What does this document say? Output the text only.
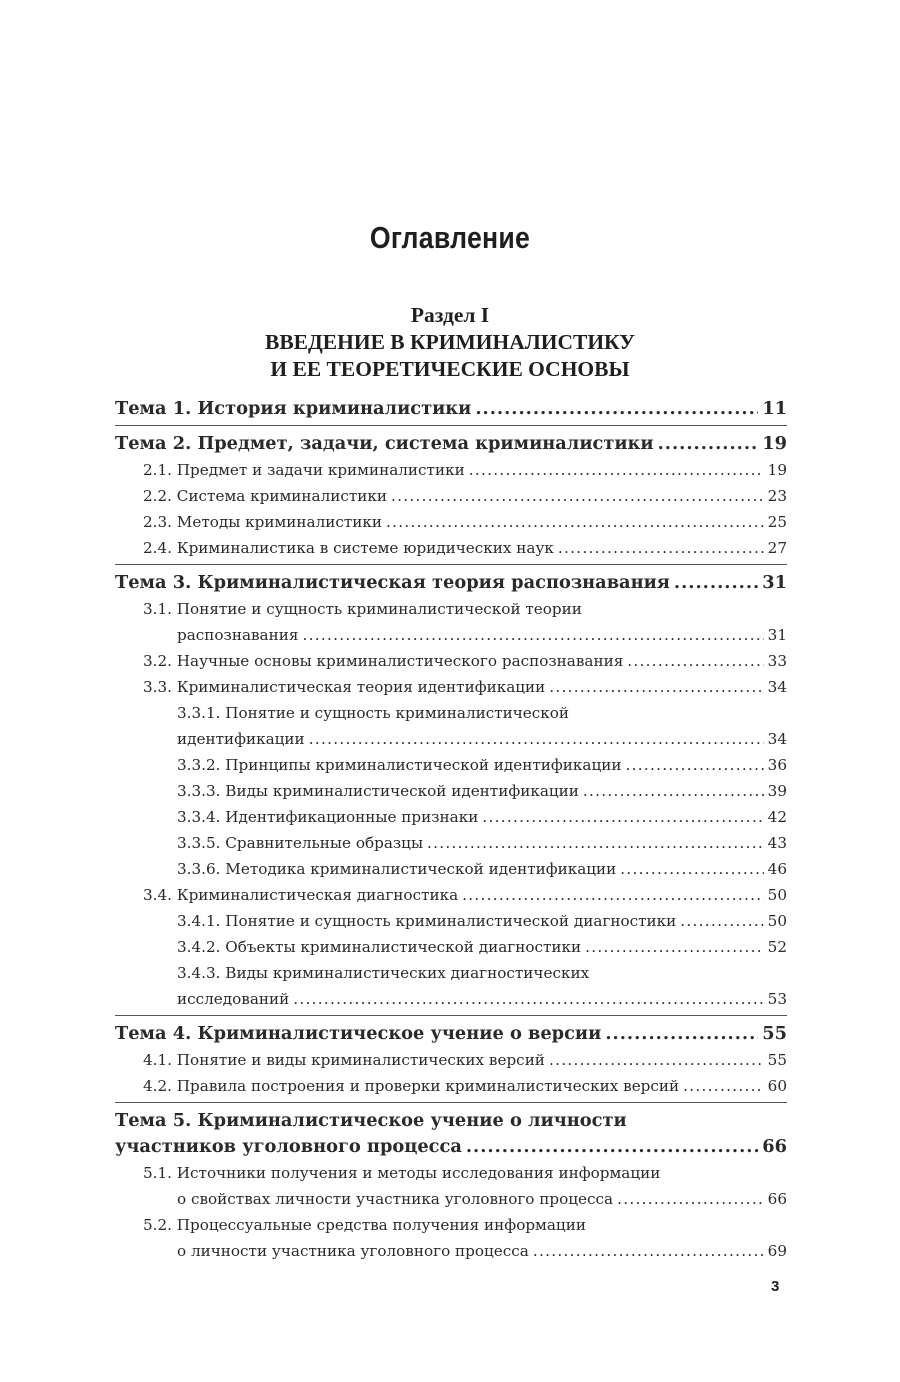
Оглавление
Раздел I
ВВЕДЕНИЕ В КРИМИНАЛИСТИКУ
И ЕЕ ТЕОРЕТИЧЕСКИЕ ОСНОВЫ
Тема 1. История криминалистики .....	11
Тема 2. Предмет, задачи, система криминалистики .....	19
2.1. Предмет и задачи криминалистики .....	19
2.2. Система криминалистики .....	23
2.3. Методы криминалистики .....	25
2.4. Криминалистика в системе юридических наук .....	27
Тема 3. Криминалистическая теория распознавания .....	31
3.1. Понятие и сущность криминалистической теории
распознавания .....	31
3.2. Научные основы криминалистического распознавания .....	33
3.3. Криминалистическая теория идентификации .....	34
3.3.1. Понятие и сущность криминалистической
идентификации .....	34
3.3.2. Принципы криминалистической идентификации .....	36
3.3.3. Виды криминалистической идентификации .....	39
3.3.4. Идентификационные признаки .....	42
3.3.5. Сравнительные образцы .....	43
3.3.6. Методика криминалистической идентификации .....	46
3.4. Криминалистическая диагностика .....	50
3.4.1. Понятие и сущность криминалистической диагностики .....	50
3.4.2. Объекты криминалистической диагностики .....	52
3.4.3. Виды криминалистических диагностических
исследований .....	53
Тема 4. Криминалистическое учение о версии .....	55
4.1. Понятие и виды криминалистических версий .....	55
4.2. Правила построения и проверки криминалистических версий .....	60
Тема 5. Криминалистическое учение о личности
участников уголовного процесса .....	66
5.1. Источники получения и методы исследования информации
о свойствах личности участника уголовного процесса .....	66
5.2. Процессуальные средства получения информации
о личности участника уголовного процесса .....	69
3
